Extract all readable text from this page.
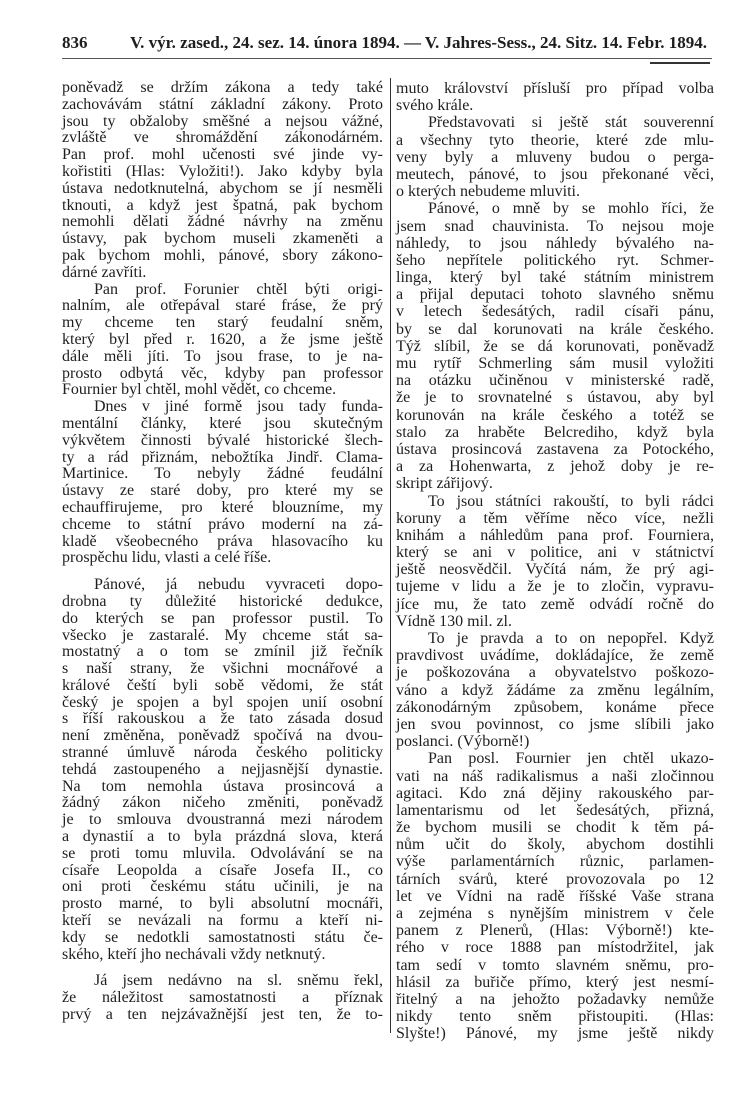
836	V. výr. zased., 24. sez. 14. února 1894. — V. Jahres-Sess., 24. Sitz. 14. Febr. 1894.
poněvadž se držím zákona a tedy také
zachovávám státní základní zákony. Proto
jsou ty obžaloby směšné a nejsou vážné,
zvláště ve shromáždění zákonodárném.
Pan prof. mohl učenosti své jinde vy-
kořistiti (Hlas: Vyložiti!). Jako kdyby byla
ústava nedotknutelná, abychom se jí nesměli
tknouti, a když jest špatná, pak bychom
nemohli dělati žádné návrhy na změnu
ústavy, pak bychom museli zkameněti a
pak bychom mohli, pánové, sbory zákono-
dárné zavříti.
Pan prof. Forunier chtěl býti origi-
nalním, ale otřepával staré fráse, že prý
my chceme ten starý feudalní sněm,
který byl před r. 1620, a že jsme ještě
dále měli jíti. To jsou frase, to je na-
prosto odbytá věc, kdyby pan professor
Fournier byl chtěl, mohl vědět, co chceme.
Dnes v jiné formě jsou tady funda-
mentální články, které jsou skutečným
výkvětem činnosti bývalé historické šlech-
ty a rád přiznám, nebožtíka Jindř. Clama-
Martinice. To nebyly žádné feudální
ústavy ze staré doby, pro které my se
echauffirujeme, pro které blouzníme, my
chceme to státní právo moderní na zá-
kladě všeobecného práva hlasovacího ku
prospěchu lidu, vlasti a celé říše.
Pánové, já nebudu vyvraceti dopo-
drobna ty důležité historické dedukce,
do kterých se pan professor pustil. To
všecko je zastaralé. My chceme stát sa-
mostatný a o tom se zmínil již řečník
s naší strany, že všichni mocnářové a
králové čeští byli sobě vědomi, že stát
český je spojen a byl spojen unií osobní
s říší rakouskou a že tato zásada dosud
není změněna, poněvadž spočívá na dvou-
stranné úmluvě národa českého politicky
tehdá zastoupeného a nejjasnější dynastie.
Na tom nemohla ústava prosincová a
žádný zákon ničeho změniti, poněvadž
je to smlouva dvoustranná mezi národem
a dynastií a to byla prázdná slova, která
se proti tomu mluvila. Odvolávání se na
císaře Leopolda a císaře Josefa II., co
oni proti českému státu učinili, je na
prosto marné, to byli absolutní mocnáři,
kteří se nevázali na formu a kteří ni-
kdy se nedotkli samostatnosti státu če-
ského, kteří jho nechávali vždy netknutý.
Já jsem nedávno na sl. sněmu řekl,
že náležitost samostatnosti a příznak
prvý a ten nejzávažnější jest ten, že to-
muto království přísluší pro případ volba
svého krále.
Představovati si ještě stát souverenní
a všechny tyto theorie, které zde mlu-
veny byly a mluveny budou o perga-
meutech, pánové, to jsou překonané věci,
o kterých nebudeme mluviti.
Pánové, o mně by se mohlo říci, že
jsem snad chauvinista. To nejsou moje
náhledy, to jsou náhledy bývalého na-
šeho nepřítele politického ryt. Schmer-
linga, který byl také státním ministrem
a přijal deputaci tohoto slavného sněmu
v letech šedesátých, radil císaři pánu,
by se dal korunovati na krále českého.
Týž slíbil, že se dá korunovati, poněvadž
mu rytíř Schmerling sám musil vyložiti
na otázku učiněnou v ministerské radě,
že je to srovnatelné s ústavou, aby byl
korunován na krále českého a totéž se
stalo za hraběte Belcrediho, když byla
ústava prosincová zastavena za Potockého,
a za Hohenwarta, z jehož doby je re-
skript zářijový.
To jsou státníci rakouští, to byli rádci
koruny a těm věříme něco více, nežli
knihám a náhledům pana prof. Fourniera,
který se ani v politice, ani v státnictví
ještě neosvědčil. Vyčítá nám, že prý agi-
tujeme v lidu a že je to zločin, vypravu-
jíce mu, že tato země odvádí ročně do
Vídně 130 mil. zl.
To je pravda a to on nepopřel. Když
pravdivost uvádíme, dokládajíce, že země
je poškozována a obyvatelstvo poškozo-
váno a když žádáme za změnu legálním,
zákonodárným způsobem, konáme přece
jen svou povinnost, co jsme slíbili jako
poslanci. (Výborně!)
Pan posl. Fournier jen chtěl ukazo-
vati na náš radikalismus a naši zločinnou
agitaci. Kdo zná dějiny rakouského par-
lamentarismu od let šedesátých, přizná,
že bychom musili se chodit k těm pá-
nům učit do školy, abychom dostihli
výše parlamentárních různic, parlamen-
tárních svárů, které provozovala po 12
let ve Vídni na radě říšské Vaše strana
a zejména s nynějším ministrem v čele
panem z Plenerů, (Hlas: Výborně!) kte-
rého v roce 1888 pan místodržitel, jak
tam sedí v tomto slavném sněmu, pro-
hlásil za buřiče přímo, který jest nesmí-
řitelný a na jehožto požadavky nemůže
nikdy tento sněm přistoupiti. (Hlas:
Slyšte!) Pánové, my jsme ještě nikdy
